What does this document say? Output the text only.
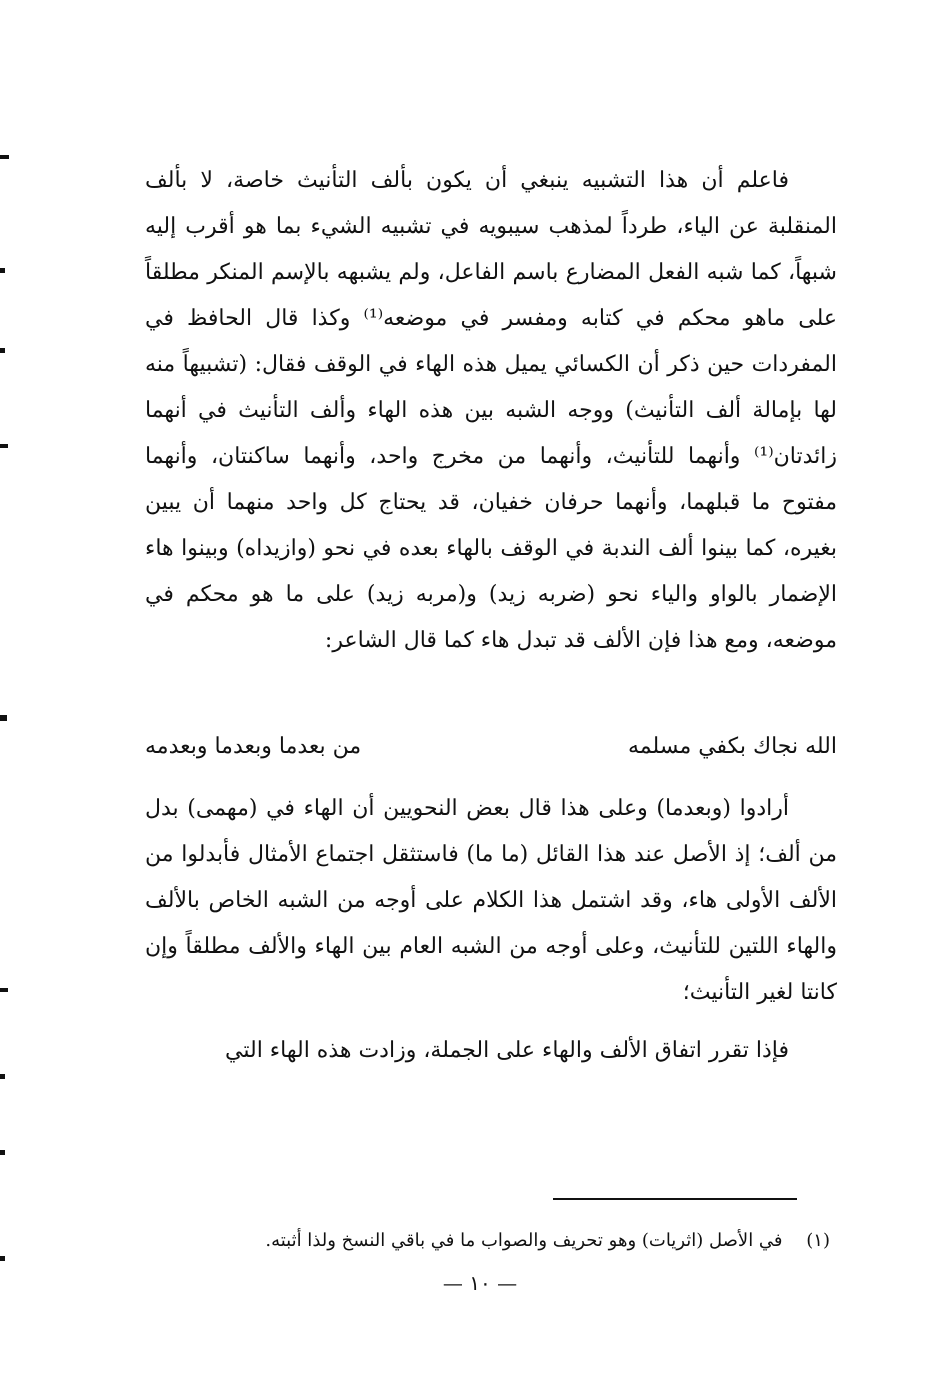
فاعلم أن هذا التشبيه ينبغي أن يكون بألف التأنيث خاصة، لا بألف المنقلبة عن الياء، طرداً لمذهب سيبويه في تشبيه الشيء بما هو أقرب إليه شبهاً، كما شبه الفعل المضارع باسم الفاعل، ولم يشبهه بالإسم المنكر مطلقاً على ماهو محكم في كتابه ومفسر في موضعه⁽¹⁾ وكذا قال الحافظ في المفردات حين ذكر أن الكسائي يميل هذه الهاء في الوقف فقال: (تشبيهاً منه لها بإمالة ألف التأنيث) ووجه الشبه بين هذه الهاء وألف التأنيث في أنهما زائدتان⁽¹⁾ وأنهما للتأنيث، وأنهما من مخرج واحد، وأنهما ساكنتان، وأنهما مفتوح ما قبلهما، وأنهما حرفان خفيان، قد يحتاج كل واحد منهما أن يبين بغيره، كما بينوا ألف الندبة في الوقف بالهاء بعده في نحو (وازيداه) وبينوا هاء الإضمار بالواو والياء نحو (ضربه زيد) و(مربه زيد) على ما هو محكم في موضعه، ومع هذا فإن الألف قد تبدل هاء كما قال الشاعر:

الله نجاك بكفي مسلمه
من بعدما وبعدما وبعدمه

أرادوا (وبعدما) وعلى هذا قال بعض النحويين أن الهاء في (مهمى) بدل من ألف؛ إذ الأصل عند هذا القائل (ما ما) فاستثقل اجتماع الأمثال فأبدلوا من الألف الأولى هاء، وقد اشتمل هذا الكلام على أوجه من الشبه الخاص بالألف والهاء اللتين للتأنيث، وعلى أوجه من الشبه العام بين الهاء والألف مطلقاً وإن كانتا لغير التأنيث؛

فإذا تقرر اتفاق الألف والهاء على الجملة، وزادت هذه الهاء التي

(١) في الأصل (اثريات) وهو تحريف والصواب ما في باقي النسخ ولذا أثبته.
— ١٠ —
